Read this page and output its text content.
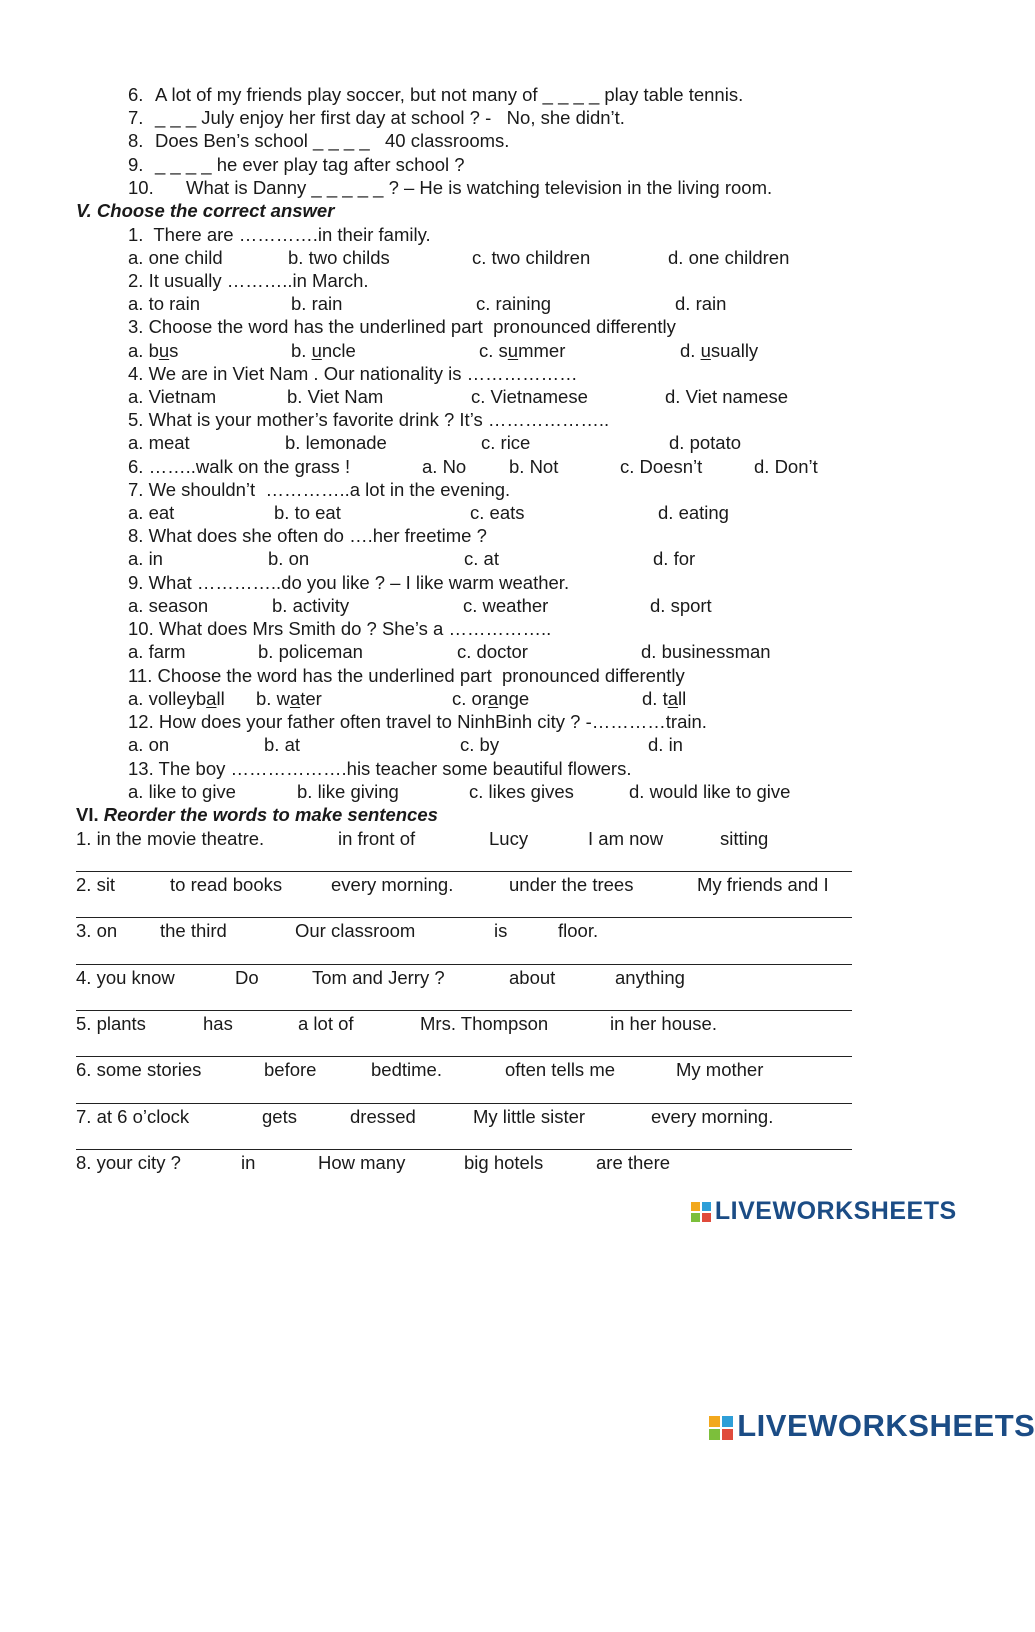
6. A lot of my friends play soccer, but not many of _ _ _ _ play table tennis.
7. _ _ _ July enjoy her first day at school ? -   No, she didn’t.
8. Does Ben’s school _ _ _ _   40 classrooms.
9. _ _ _ _ he ever play tag after school ?
10. What is Danny _ _ _ _ _ ? – He is watching television in the living room.
V. Choose the correct answer
1.  There are ………….in their family.
a. one child	b. two childs	c. two children	d. one children
2. It usually ………..in March.
a. to rain	b. rain	c. raining	d. rain
3. Choose the word has the underlined part  pronounced differently
a. bus	b. uncle	c. summer	d. usually
4. We are in Viet Nam . Our nationality is ………………
a. Vietnam	b. Viet Nam	c. Vietnamese	d. Viet namese
5. What is your mother’s favorite drink ? It’s ………………..
a. meat	b. lemonade	c. rice	d. potato
6. ……..walk on the grass !	a. No b. Not	c. Doesn’t	d. Don’t
7. We shouldn’t  …………..a lot in the evening.
a. eat	b. to eat	c. eats	d. eating
8. What does she often do ….her freetime ?
a. in	b. on	c. at	d. for
9. What …………..do you like ? – I like warm weather.
a. season	b. activity	c. weather	d. sport
10. What does Mrs Smith do ? She’s a ……………..
a. farm	b. policeman	c. doctor	d. businessman
11. Choose the word has the underlined part  pronounced differently
a. volleyball b. water	c. orange	d. tall
12. How does your father often travel to NinhBinh city ? -…………train.
a. on	b. at	c. by	d. in
13. The boy ……………….his teacher some beautiful flowers.
a. like to give	b. like giving	c. likes gives	d. would like to give
VI. Reorder the words to make sentences
1. in the movie theatre.	in front of	Lucy	I am now	sitting
2. sit	to read books	every morning.	under the trees	My friends and I
3. on the third	Our classroom	is	floor.
4. you know	Do	Tom and Jerry ?	about	anything
5. plants	has	a lot of	Mrs. Thompson	in her house.
6. some stories	before	bedtime.	often tells me	My mother
7. at 6 o’clock	gets	dressed	My little sister	every morning.
8. your city ?	in	How many	big hotels	are there

LIVEWORKSHEETS

LIVEWORKSHEETS
